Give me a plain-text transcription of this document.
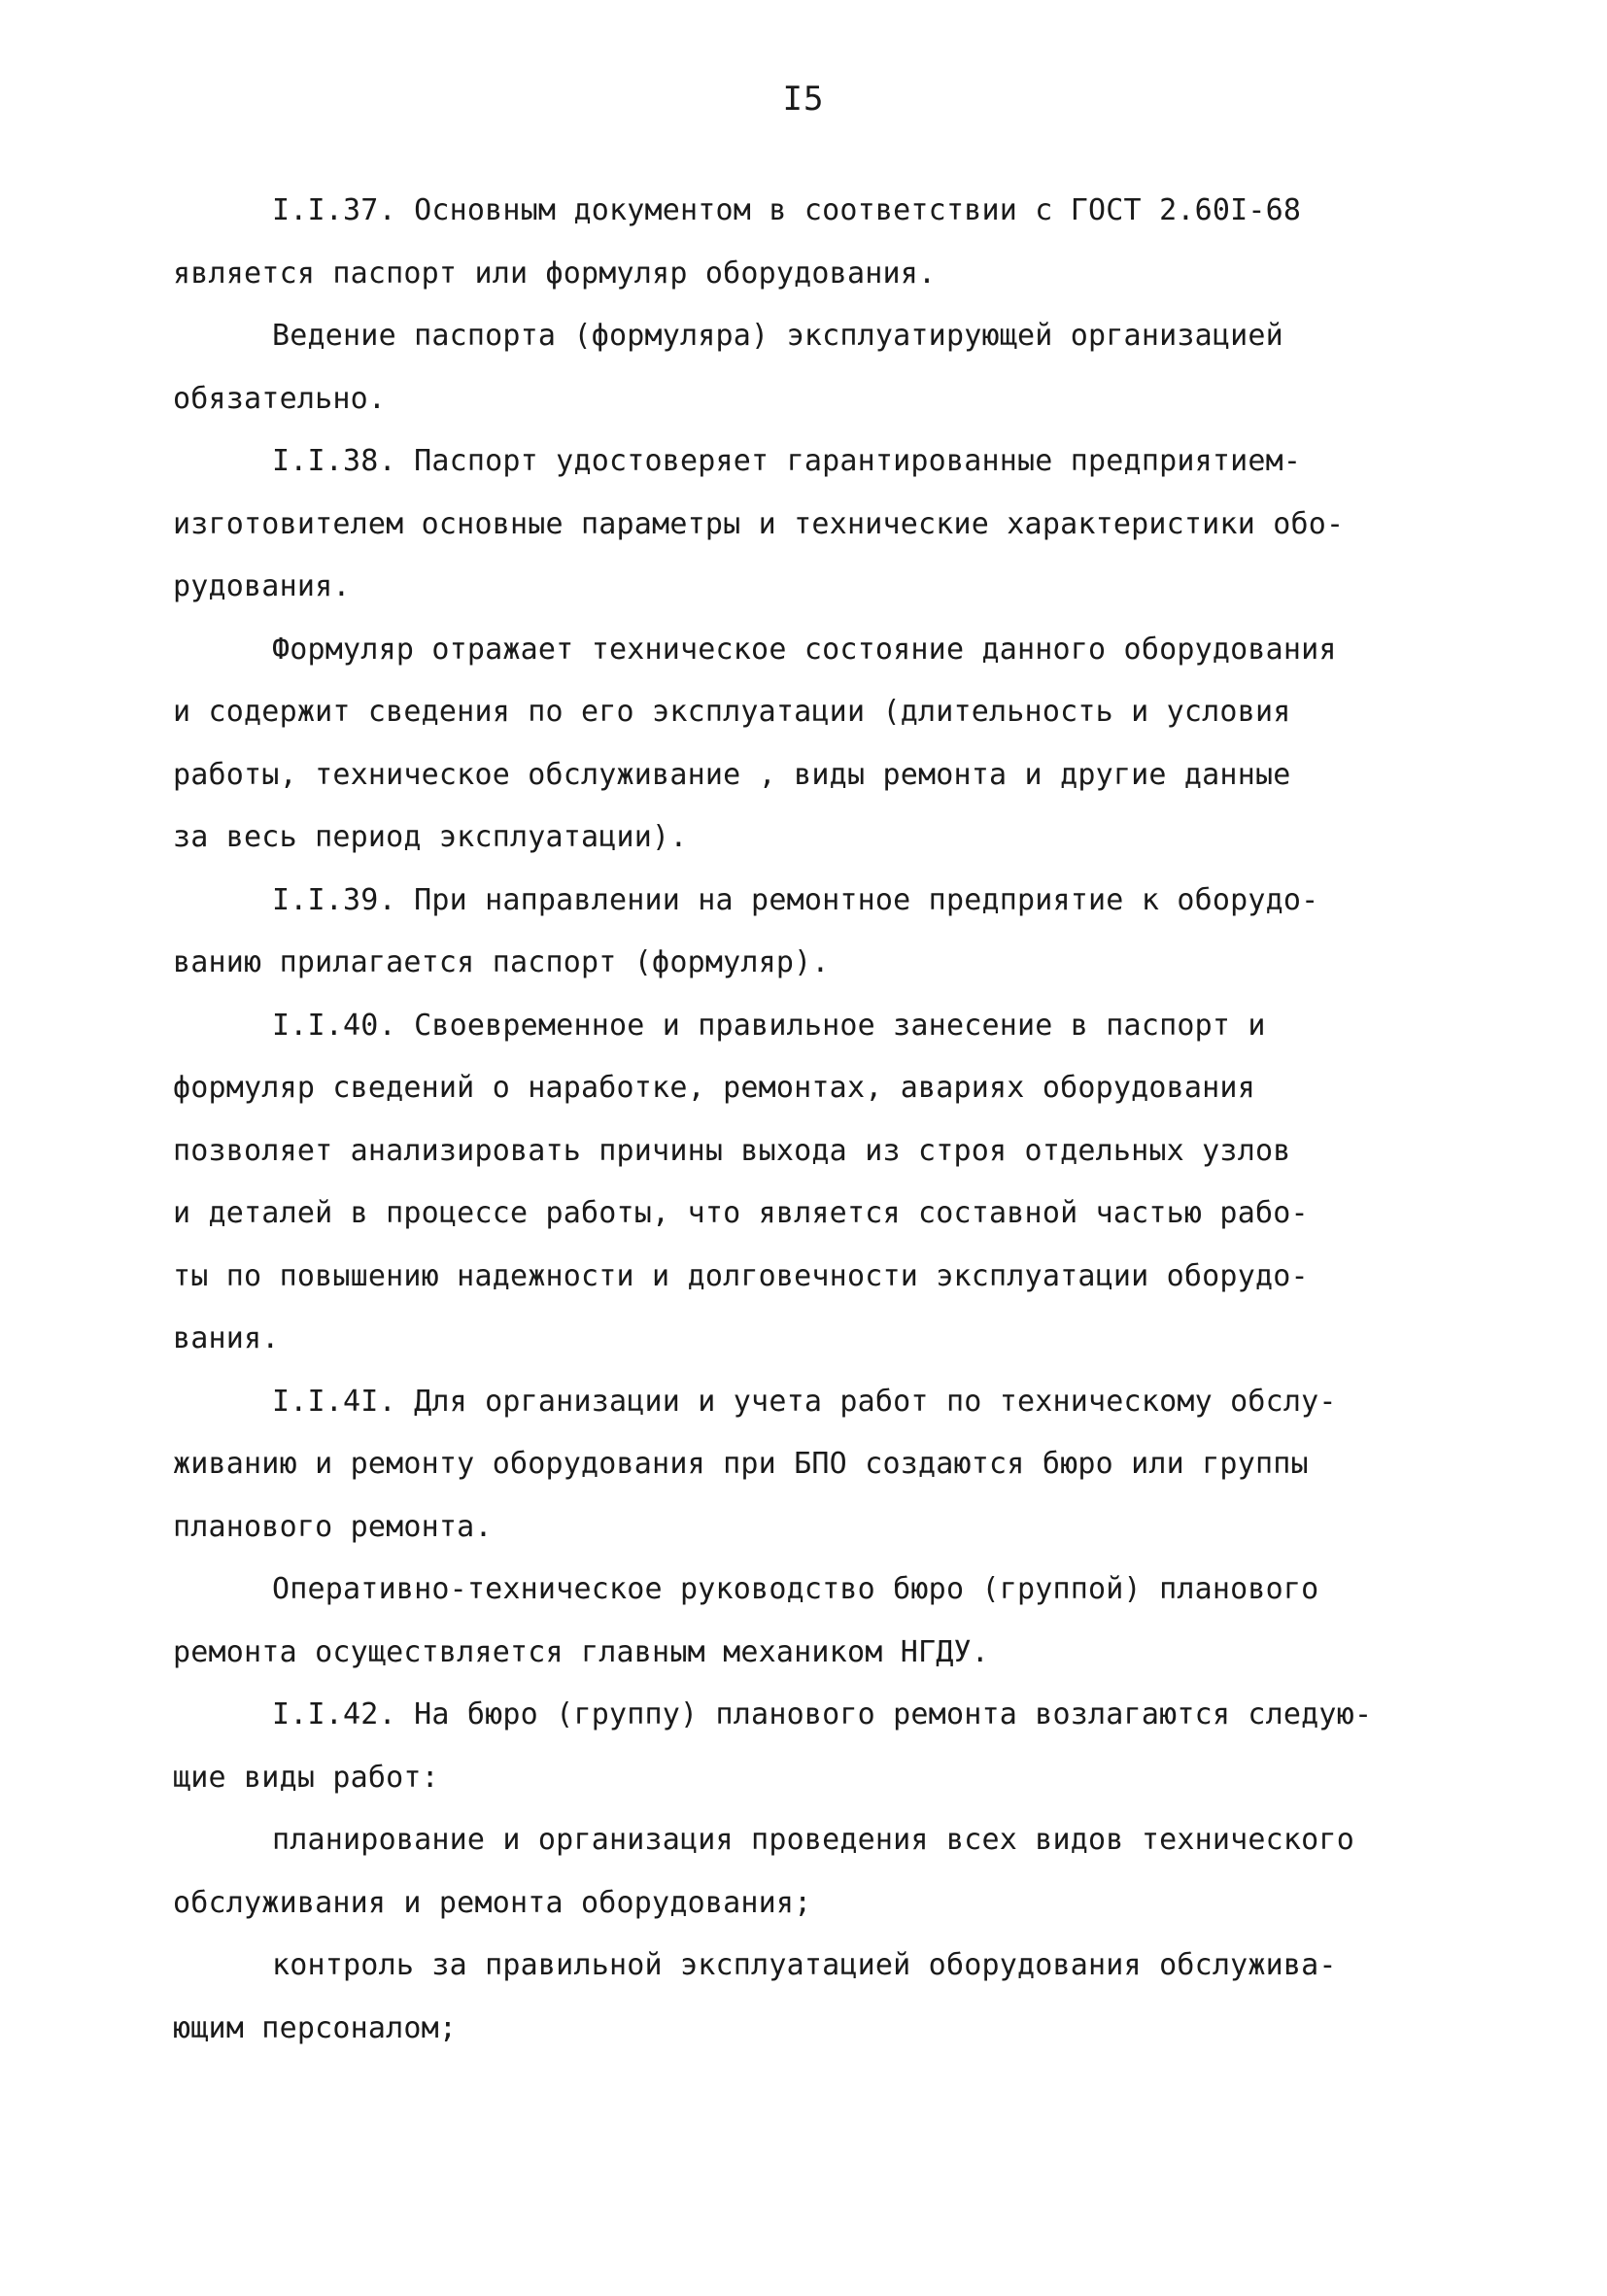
I5
I.I.37. Основным документом в соответствии с ГОСТ 2.60I-68
является паспорт или формуляр оборудования.
Ведение паспорта (формуляра) эксплуатирующей организацией
обязательно.
I.I.38. Паспорт удостоверяет гарантированные предприятием-
изготовителем основные параметры и технические характеристики обо-
рудования.
Формуляр отражает техническое состояние данного оборудования
и содержит сведения по его эксплуатации (длительность и условия
работы, техническое обслуживание , виды ремонта и другие данные
за весь период эксплуатации).
I.I.39. При направлении на ремонтное предприятие к оборудо-
ванию прилагается паспорт (формуляр).
I.I.40. Своевременное и правильное занесение в паспорт и
формуляр сведений о наработке, ремонтах, авариях оборудования
позволяет анализировать причины выхода из строя отдельных узлов
и деталей в процессе работы, что является составной частью рабо-
ты по повышению надежности и долговечности эксплуатации оборудо-
вания.
I.I.4I. Для организации и учета работ по техническому обслу-
живанию и ремонту оборудования при БПО создаются бюро или группы
планового ремонта.
Оперативно-техническое руководство бюро (группой) планового
ремонта осуществляется главным механиком НГДУ.
I.I.42. На бюро (группу) планового ремонта возлагаются следую-
щие виды работ:
планирование и организация проведения всех видов технического
обслуживания и ремонта оборудования;
контроль за правильной эксплуатацией оборудования обслужива-
ющим персоналом;
